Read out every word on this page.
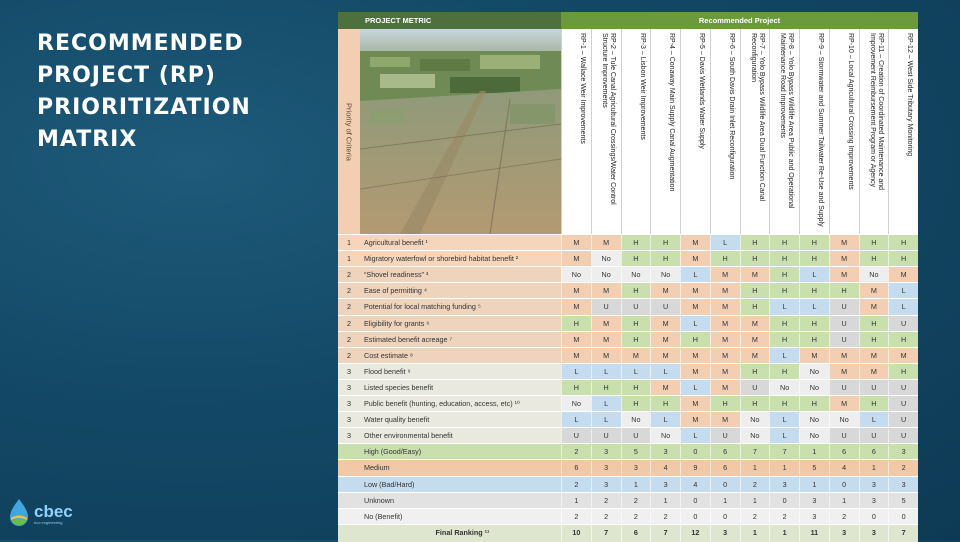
RECOMMENDED
PROJECT (RP)
PRIORITIZATION
MATRIX
cbec
eco engineering
PROJECT METRIC	Recommended Project
Priority of Criteria	RP-1 – Wallace Weir Improvements	RP-2 – Tule Canal Agricultural Crossings/Water Control Structure Improvements	RP-3 – Lisbon Weir Improvements	RP-4 – Conaway Main Supply Canal Augmentation	RP-5 – Davis Wetlands Water Supply	RP-6 – South Davis Drain Inlet Reconfiguration	RP-7 – Yolo Bypass Wildlife Area Dual Function Canal Reconfiguration	RP-8 – Yolo Bypass Wildlife Area Public and Operational Maintenance Road Improvements	RP-9 – Stormwater and Summer Tailwater Re-Use and Supply	RP-10 – Local Agricultural Crossing Improvements	RP-11 – Creation of Coordinated Maintenance and Improvement Reimbursement Program or Agency	RP-12 – West Side Tributary Monitoring
1	Agricultural benefit ¹	M	M	H	H	M	L	H	H	H	M	H	H
1	Migratory waterfowl or shorebird habitat benefit ²	M	No	H	H	M	H	H	H	H	M	H	H
2	“Shovel readiness” ³	No	No	No	No	L	M	M	H	L	M	No	M
2	Ease of permitting ⁴	M	M	H	M	M	M	H	H	H	H	M	L
2	Potential for local matching funding ⁵	M	U	U	U	M	M	H	L	L	U	M	L
2	Eligibility for grants ⁶	H	M	H	M	L	M	M	H	H	U	H	U
2	Estimated benefit acreage ⁷	M	M	H	M	H	M	M	H	H	U	H	H
2	Cost estimate ⁸	M	M	M	M	M	M	M	L	M	M	M	M
3	Flood benefit ⁹	L	L	L	L	M	M	H	H	No	M	M	H
3	Listed species benefit	H	H	H	M	L	M	U	No	No	U	U	U
3	Public benefit (hunting, education, access, etc) ¹⁰	No	L	H	H	M	H	H	H	H	M	H	U
3	Water quality benefit	L	L	No	L	M	M	No	L	No	No	L	U
3	Other environmental benefit	U	U	U	No	L	U	No	L	No	U	U	U
High (Good/Easy)	2	3	5	3	0	6	7	7	1	6	6	3
Medium	6	3	3	4	9	6	1	1	5	4	1	2
Low (Bad/Hard)	2	3	1	3	4	0	2	3	1	0	3	3
Unknown	1	2	2	1	0	1	1	0	3	1	3	5
No (Benefit)	2	2	2	2	0	0	2	2	3	2	0	0
Final Ranking ¹¹	10	7	6	7	12	3	1	1	11	3	3	7
